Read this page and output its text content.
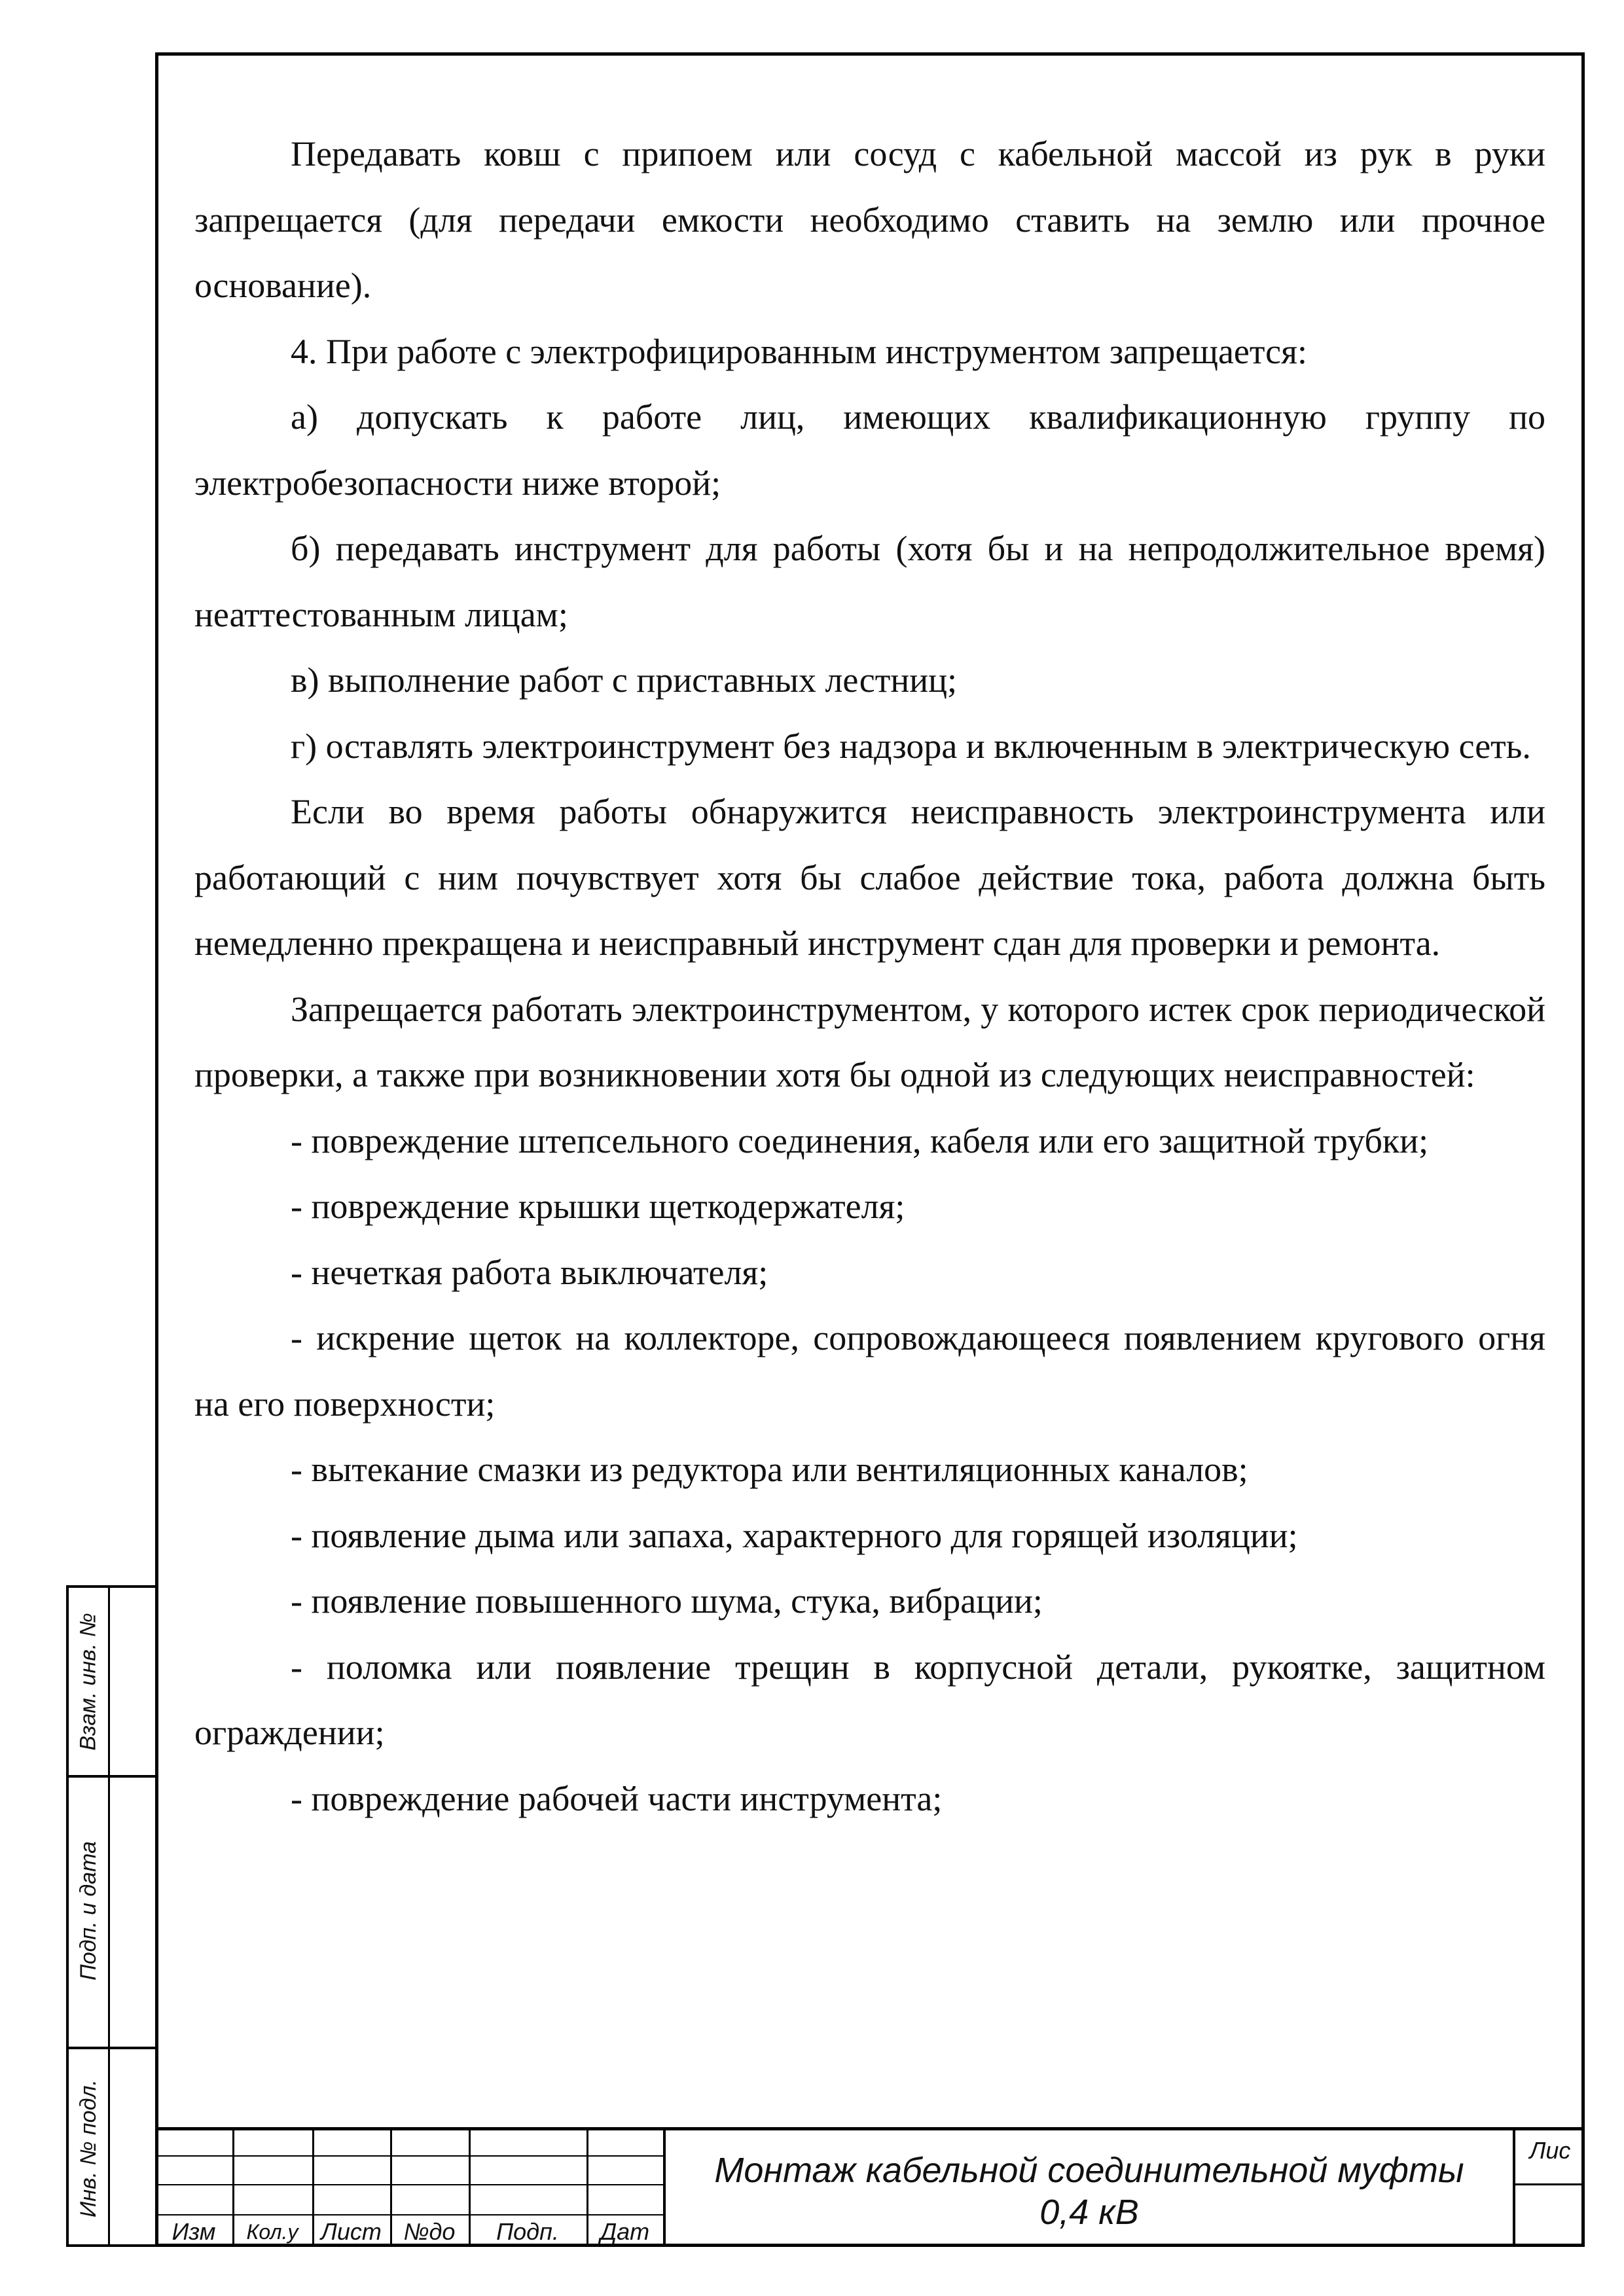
Передавать ковш с припоем или сосуд с кабельной массой из рук в руки запрещается (для передачи емкости необходимо ставить на землю или прочное основание).

4. При работе с электрофицированным инструментом запрещается:

а) допускать к работе лиц, имеющих квалификационную группу по электробезопасности ниже второй;

б) передавать инструмент для работы (хотя бы и на непродолжительное время) неаттестованным лицам;

в) выполнение работ с приставных лестниц;

г) оставлять электроинструмент без надзора и включенным в электрическую сеть.

Если во время работы обнаружится неисправность электроинструмента или работающий с ним почувствует хотя бы слабое действие тока, работа должна быть немедленно прекращена и неисправный инструмент сдан для проверки и ремонта.

Запрещается работать электроинструментом, у которого истек срок периодической проверки, а также при возникновении хотя бы одной из следующих неисправностей:

- повреждение штепсельного соединения, кабеля или его защитной трубки;

- повреждение крышки щеткодержателя;

- нечеткая работа выключателя;

- искрение щеток на коллекторе, сопровождающееся появлением кругового огня на его поверхности;

- вытекание смазки из редуктора или вентиляционных каналов;

- появление дыма или запаха, характерного для горящей изоляции;

- появление повышенного шума, стука, вибрации;

- поломка или появление трещин в корпусной детали, рукоятке, защитном ограждении;

- повреждение рабочей части инструмента;

Взам. инв. №
Подп. и дата
Инв. № подл.
Изм	Кол.у Лист №до	Подп.	Дат
Монтаж кабельной соединительной муфты
0,4 кВ
Лис
